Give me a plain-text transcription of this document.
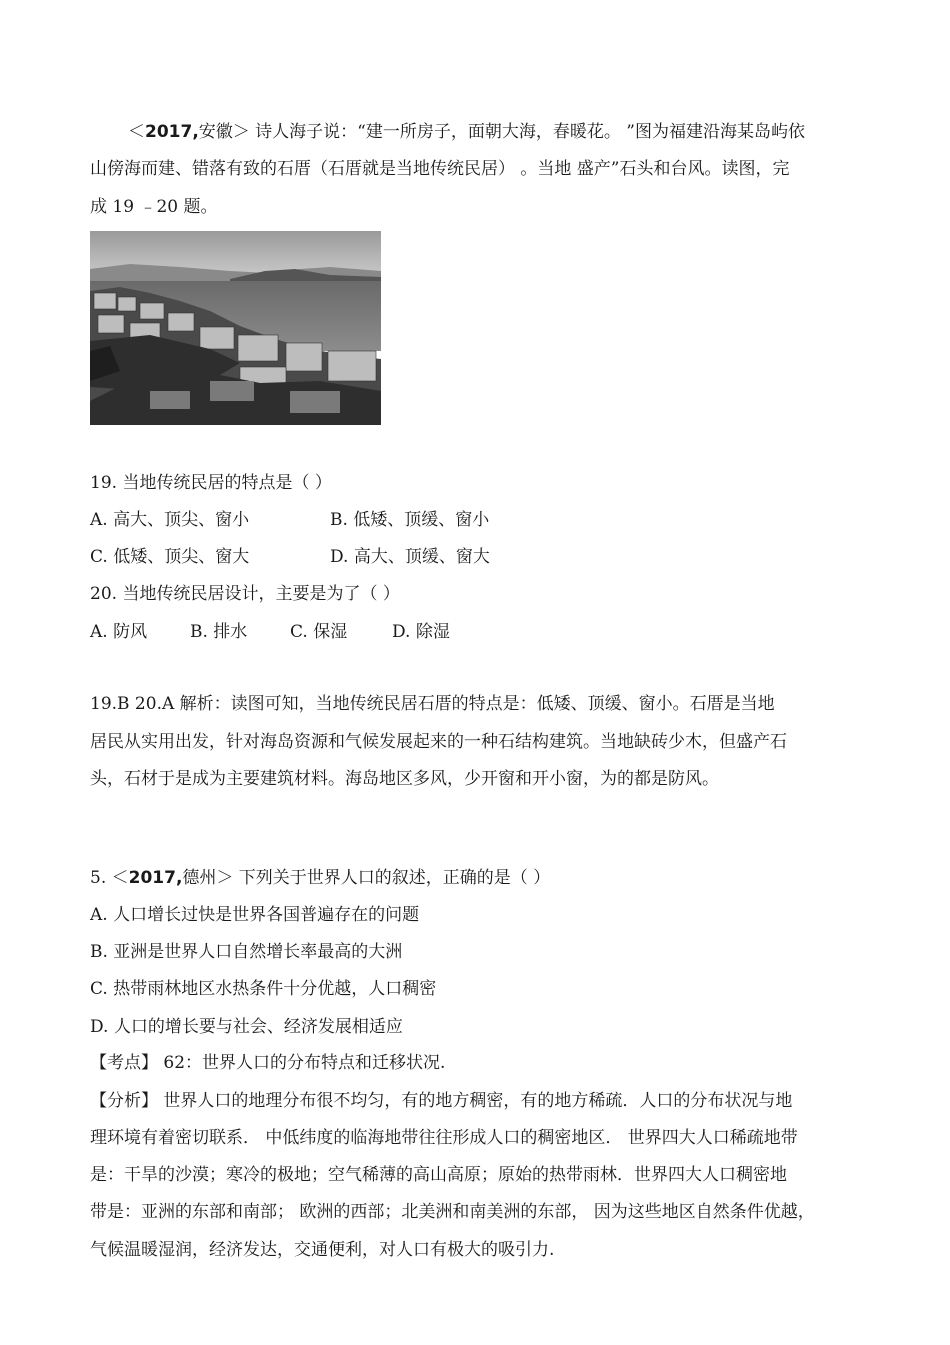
＜2017,安徽＞ 诗人海子说：“建一所房子，面朝大海，春暖花。 ”图为福建沿海某岛屿依
山傍海而建、错落有致的石厝（石厝就是当地传统民居） 。当地 盛产”石头和台风。读图，完
成 19 ﹣20 题。
19. 当地传统民居的特点是（ ）
A. 高大、顶尖、窗小	B. 低矮、顶缓、窗小
C. 低矮、顶尖、窗大	D. 高大、顶缓、窗大
20. 当地传统民居设计，主要是为了（ ）
A. 防风	B. 排水	C. 保湿	D. 除湿
19.B 20.A 解析：读图可知，当地传统民居石厝的特点是：低矮、顶缓、窗小。石厝是当地
居民从实用出发，针对海岛资源和气候发展起来的一种石结构建筑。当地缺砖少木，但盛产石
头，石材于是成为主要建筑材料。海岛地区多风，少开窗和开小窗，为的都是防风。
5. ＜2017,德州＞ 下列关于世界人口的叙述，正确的是（ ）
A. 人口增长过快是世界各国普遍存在的问题
B. 亚洲是世界人口自然增长率最高的大洲
C. 热带雨林地区水热条件十分优越，人口稠密
D. 人口的增长要与社会、经济发展相适应
【考点】 62：世界人口的分布特点和迁移状况.
【分析】 世界人口的地理分布很不均匀，有的地方稠密，有的地方稀疏．人口的分布状况与地
理环境有着密切联系． 中低纬度的临海地带往往形成人口的稠密地区． 世界四大人口稀疏地带
是：干旱的沙漠；寒冷的极地；空气稀薄的高山高原；原始的热带雨林．世界四大人口稠密地
带是：亚洲的东部和南部； 欧洲的西部；北美洲和南美洲的东部， 因为这些地区自然条件优越，
气候温暖湿润，经济发达，交通便利，对人口有极大的吸引力.
